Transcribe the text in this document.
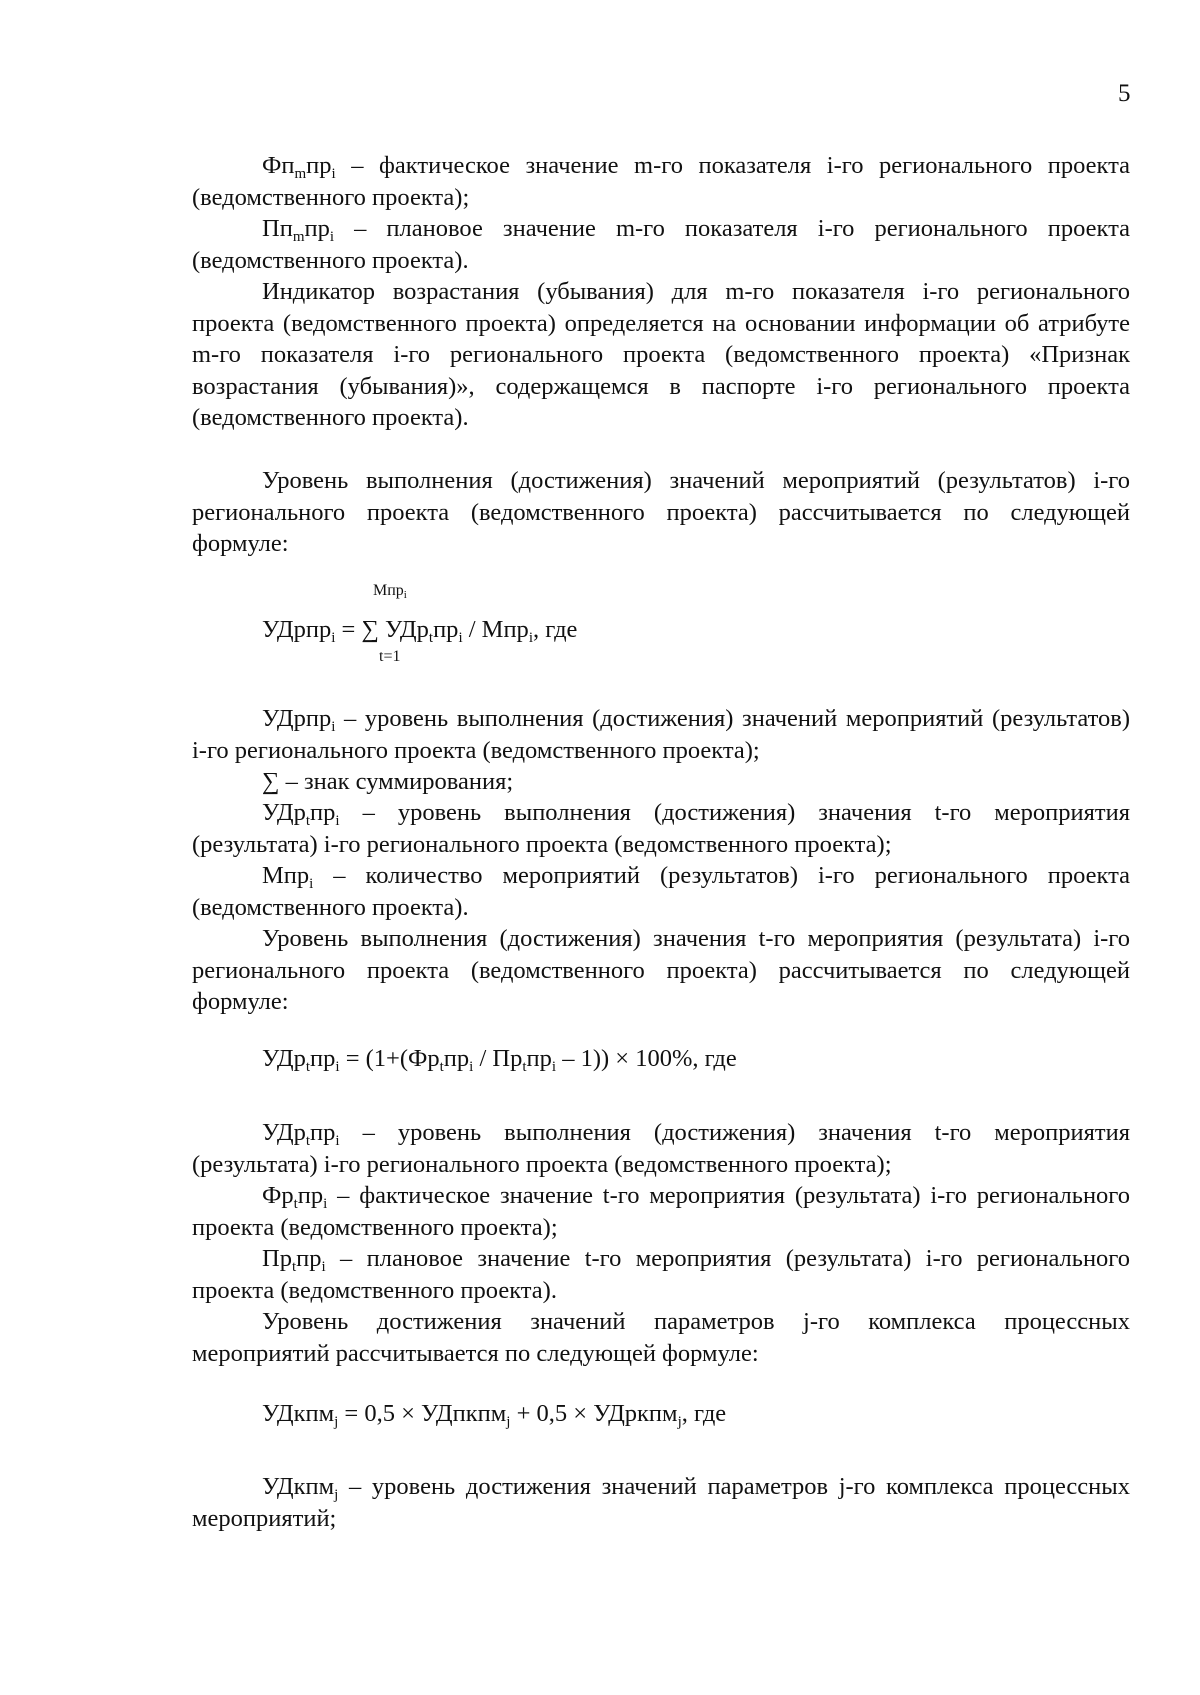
5

$Фп_mпр_i$ – фактическое значение m-го показателя i-го регионального проекта (ведомственного проекта);

$Пп_mпр_i$ – плановое значение m-го показателя i-го регионального проекта (ведомственного проекта).

Индикатор возрастания (убывания) для m-го показателя i-го регионального проекта (ведомственного проекта) определяется на основании информации об атрибуте m-го показателя i-го регионального проекта (ведомственного проекта) «Признак возрастания (убывания)», содержащемся в паспорте i-го регионального проекта (ведомственного проекта).

Уровень выполнения (достижения) значений мероприятий (результатов) i-го регионального проекта (ведомственного проекта) рассчитывается по следующей формуле:

Мпр$_i$
УДрпр$_i$ = ∑ $УДр_tпр_i / Мпр_i$, где
t=1

УДрпр$_i$ – уровень выполнения (достижения) значений мероприятий (результатов) i-го регионального проекта (ведомственного проекта);

∑ – знак суммирования;

$УДр_tпр_i$ – уровень выполнения (достижения) значения t-го мероприятия (результата) i-го регионального проекта (ведомственного проекта);

Мпр$_i$ – количество мероприятий (результатов) i-го регионального проекта (ведомственного проекта).

Уровень выполнения (достижения) значения t-го мероприятия (результата) i-го регионального проекта (ведомственного проекта) рассчитывается по следующей формуле:

$УДр_tпр_i = (1+(Фр_tпр_i / Пр_tпр_i - 1)) \times 100\%$, где

$УДр_tпр_i$ – уровень выполнения (достижения) значения t-го мероприятия (результата) i-го регионального проекта (ведомственного проекта);

$Фр_tпр_i$ – фактическое значение t-го мероприятия (результата) i-го регионального проекта (ведомственного проекта);

$Пр_tпр_i$ – плановое значение t-го мероприятия (результата) i-го регионального проекта (ведомственного проекта).

Уровень достижения значений параметров j-го комплекса процессных мероприятий рассчитывается по следующей формуле:

УДкпм$_j$ = 0,5 × УДпкпм$_j$ + 0,5 × УДркпм$_j$, где

УДкпм$_j$ – уровень достижения значений параметров j-го комплекса процессных мероприятий;
